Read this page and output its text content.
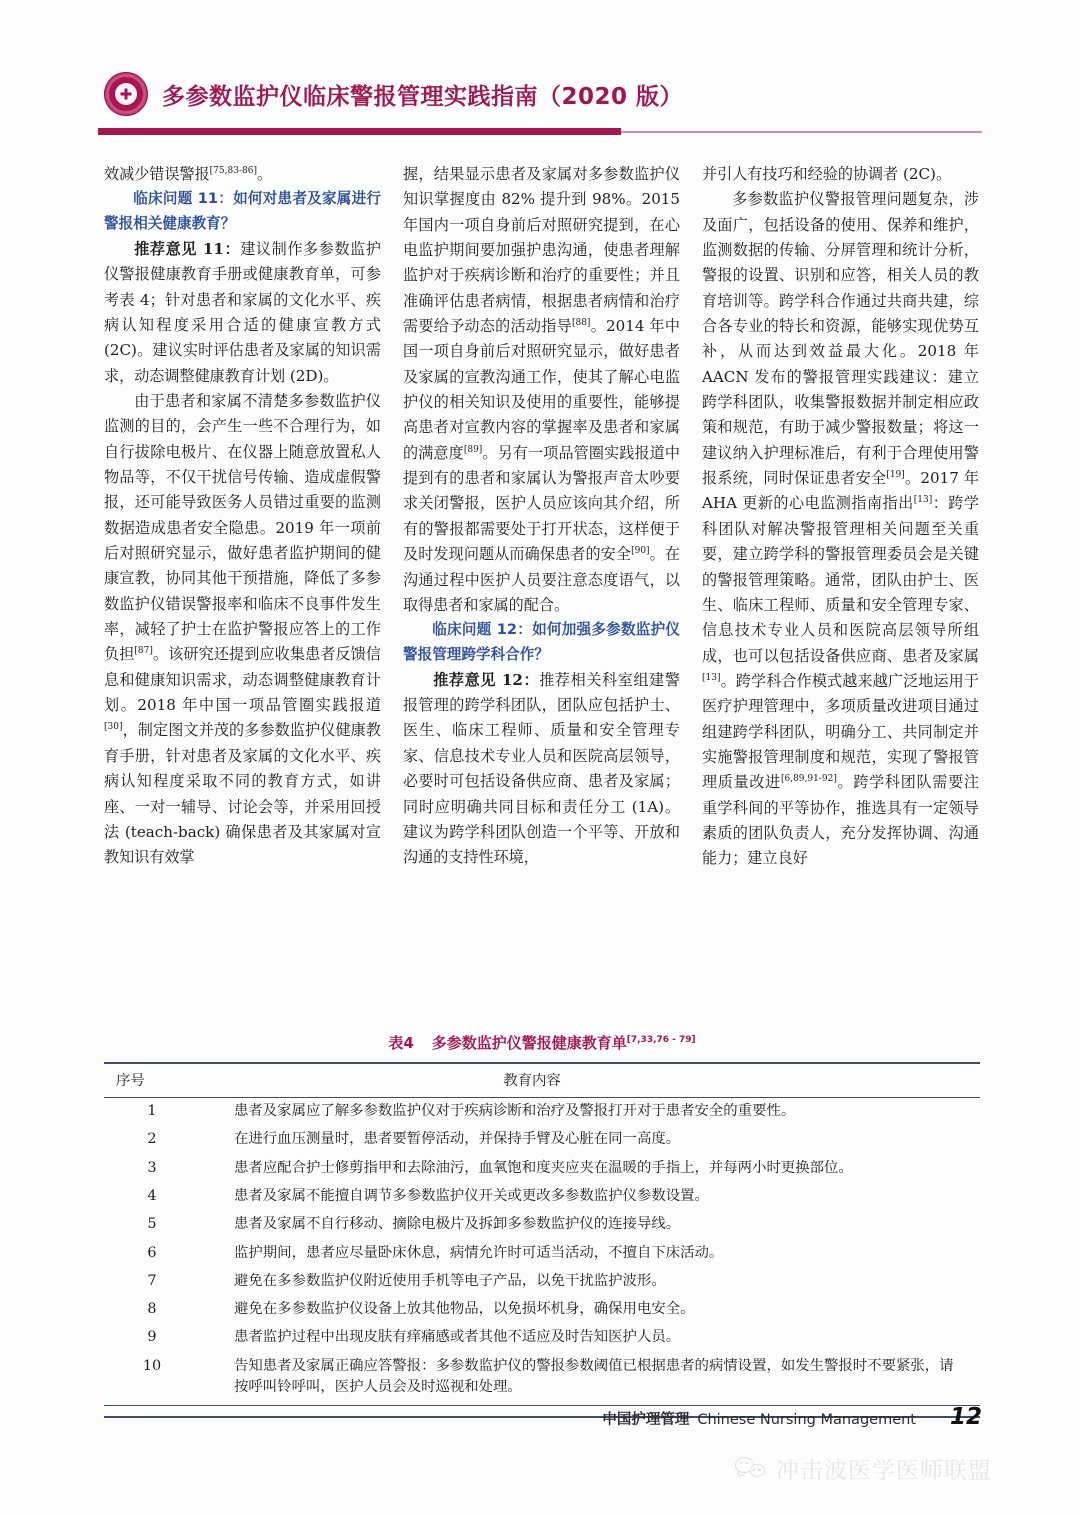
多参数监护仪临床警报管理实践指南（2020 版）

效减少错误警报[75,83-86]。

临床问题 11：如何对患者及家属进行警报相关健康教育？

推荐意见 11：建议制作多参数监护仪警报健康教育手册或健康教育单，可参考表 4；针对患者和家属的文化水平、疾病认知程度采用合适的健康宣教方式 (2C)。建议实时评估患者及家属的知识需求，动态调整健康教育计划 (2D)。

由于患者和家属不清楚多参数监护仪监测的目的，会产生一些不合理行为，如自行拔除电极片、在仪器上随意放置私人物品等，不仅干扰信号传输、造成虚假警报，还可能导致医务人员错过重要的监测数据造成患者安全隐患。2019 年一项前后对照研究显示，做好患者监护期间的健康宣教，协同其他干预措施，降低了多参数监护仪错误警报率和临床不良事件发生率，减轻了护士在监护警报应答上的工作负担[87]。该研究还提到应收集患者反馈信息和健康知识需求，动态调整健康教育计划。2018 年中国一项品管圈实践报道[30]，制定图文并茂的多参数监护仪健康教育手册，针对患者及家属的文化水平、疾病认知程度采取不同的教育方式，如讲座、一对一辅导、讨论会等，并采用回授法 (teach-back) 确保患者及其家属对宣教知识有效掌

握，结果显示患者及家属对多参数监护仪知识掌握度由 82% 提升到 98%。2015 年国内一项自身前后对照研究提到，在心电监护期间要加强护患沟通，使患者理解监护对于疾病诊断和治疗的重要性；并且准确评估患者病情，根据患者病情和治疗需要给予动态的活动指导[88]。2014 年中国一项自身前后对照研究显示，做好患者及家属的宣教沟通工作，使其了解心电监护仪的相关知识及使用的重要性，能够提高患者对宣教内容的掌握率及患者和家属的满意度[89]。另有一项品管圈实践报道中提到有的患者和家属认为警报声音太吵要求关闭警报，医护人员应该向其介绍，所有的警报都需要处于打开状态，这样便于及时发现问题从而确保患者的安全[90]。在沟通过程中医护人员要注意态度语气，以取得患者和家属的配合。

临床问题 12：如何加强多参数监护仪警报管理跨学科合作？

推荐意见 12：推荐相关科室组建警报管理的跨学科团队，团队应包括护士、医生、临床工程师、质量和安全管理专家、信息技术专业人员和医院高层领导，必要时可包括设备供应商、患者及家属；同时应明确共同目标和责任分工 (1A)。建议为跨学科团队创造一个平等、开放和沟通的支持性环境，

并引人有技巧和经验的协调者 (2C)。

多参数监护仪警报管理问题复杂，涉及面广，包括设备的使用、保养和维护，监测数据的传输、分屏管理和统计分析，警报的设置、识别和应答，相关人员的教育培训等。跨学科合作通过共商共建，综合各专业的特长和资源，能够实现优势互补，从而达到效益最大化。2018 年 AACN 发布的警报管理实践建议：建立跨学科团队，收集警报数据并制定相应政策和规范，有助于减少警报数量；将这一建议纳入护理标准后，有利于合理使用警报系统，同时保证患者安全[19]。2017 年 AHA 更新的心电监测指南指出[13]：跨学科团队对解决警报管理相关问题至关重要，建立跨学科的警报管理委员会是关键的警报管理策略。通常，团队由护士、医生、临床工程师、质量和安全管理专家、信息技术专业人员和医院高层领导所组成，也可以包括设备供应商、患者及家属[13]。跨学科合作模式越来越广泛地运用于医疗护理管理中，多项质量改进项目通过组建跨学科团队，明确分工、共同制定并实施警报管理制度和规范，实现了警报管理质量改进[6,89,91-92]。跨学科团队需要注重学科间的平等协作，推选具有一定领导素质的团队负责人，充分发挥协调、沟通能力；建立良好

表4 多参数监护仪警报健康教育单[7,33,76 - 79]
序号	教育内容
1	患者及家属应了解多参数监护仪对于疾病诊断和治疗及警报打开对于患者安全的重要性。
2	在进行血压测量时，患者要暂停活动，并保持手臂及心脏在同一高度。
3	患者应配合护士修剪指甲和去除油污，血氧饱和度夹应夹在温暖的手指上，并每两小时更换部位。
4	患者及家属不能擅自调节多参数监护仪开关或更改多参数监护仪参数设置。
5	患者及家属不自行移动、摘除电极片及拆卸多参数监护仪的连接导线。
6	监护期间，患者应尽量卧床休息，病情允许时可适当活动，不擅自下床活动。
7	避免在多参数监护仪附近使用手机等电子产品，以免干扰监护波形。
8	避免在多参数监护仪设备上放其他物品，以免损坏机身，确保用电安全。
9	患者监护过程中出现皮肤有痒痛感或者其他不适应及时告知医护人员。
10	告知患者及家属正确应答警报：多参数监护仪的警报参数阈值已根据患者的病情设置，如发生警报时不要紧张，请按呼叫铃呼叫，医护人员会及时巡视和处理。
中国护理管理 Chinese Nursing Management 12
冲击波医学医师联盟
